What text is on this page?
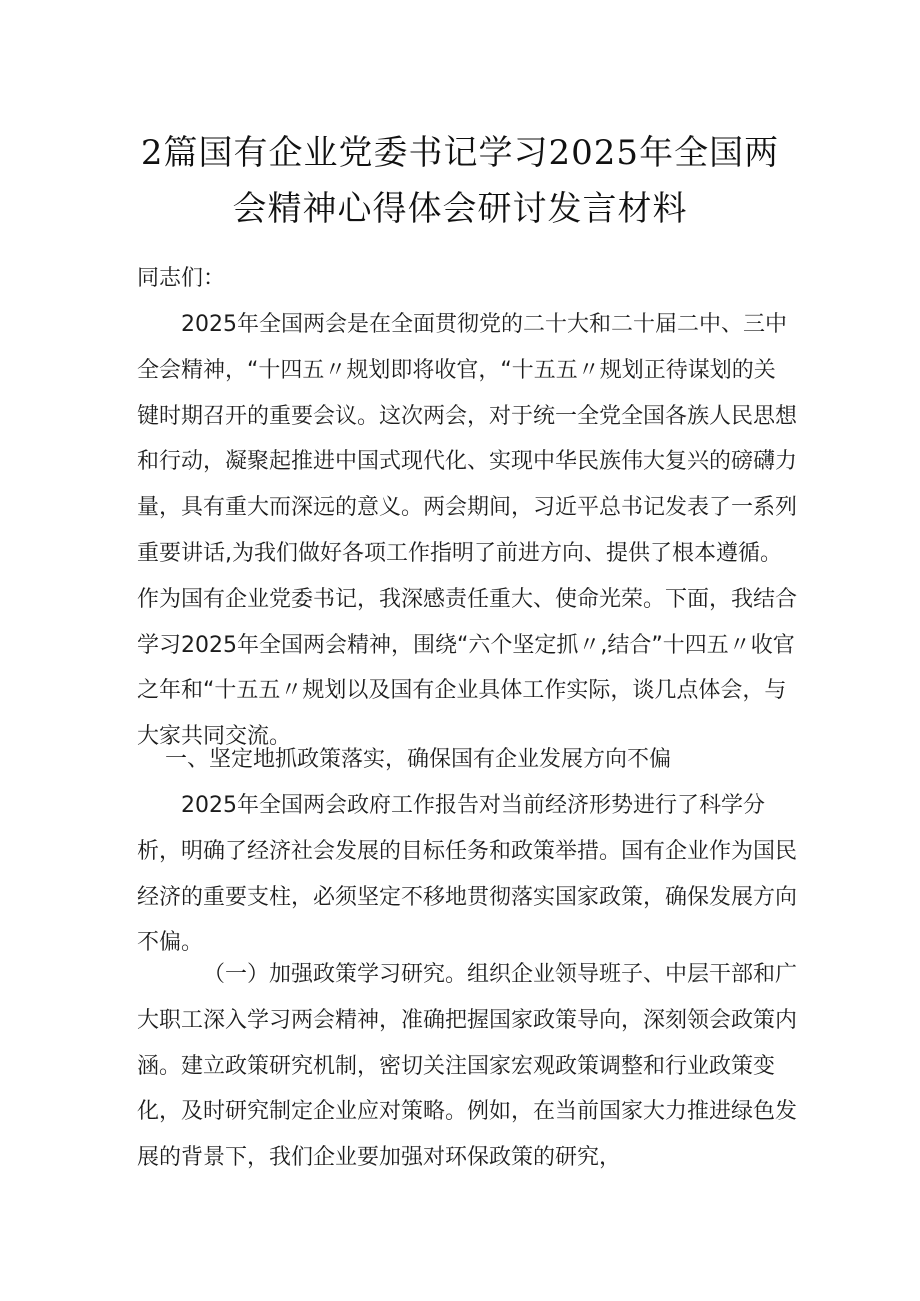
2篇国有企业党委书记学习2025年全国两
会精神心得体会研讨发言材料
同志们：
2025年全国两会是在全面贯彻党的二十大和二十届二中、三中全会精神，“十四五〃规划即将收官，“十五五〃规划正待谋划的关键时期召开的重要会议。这次两会，对于统一全党全国各族人民思想和行动，凝聚起推进中国式现代化、实现中华民族伟大复兴的磅礴力量，具有重大而深远的意义。两会期间，习近平总书记发表了一系列重要讲话,为我们做好各项工作指明了前进方向、提供了根本遵循。作为国有企业党委书记，我深感责任重大、使命光荣。下面，我结合学习2025年全国两会精神，围绕“六个坚定抓〃,结合”十四五〃收官之年和“十五五〃规划以及国有企业具体工作实际，谈几点体会，与大家共同交流。
一、坚定地抓政策落实，确保国有企业发展方向不偏
2025年全国两会政府工作报告对当前经济形势进行了科学分析，明确了经济社会发展的目标任务和政策举措。国有企业作为国民经济的重要支柱，必须坚定不移地贯彻落实国家政策，确保发展方向不偏。
（一）加强政策学习研究。组织企业领导班子、中层干部和广大职工深入学习两会精神，准确把握国家政策导向，深刻领会政策内涵。建立政策研究机制，密切关注国家宏观政策调整和行业政策变化，及时研究制定企业应对策略。例如，在当前国家大力推进绿色发展的背景下，我们企业要加强对环保政策的研究，
